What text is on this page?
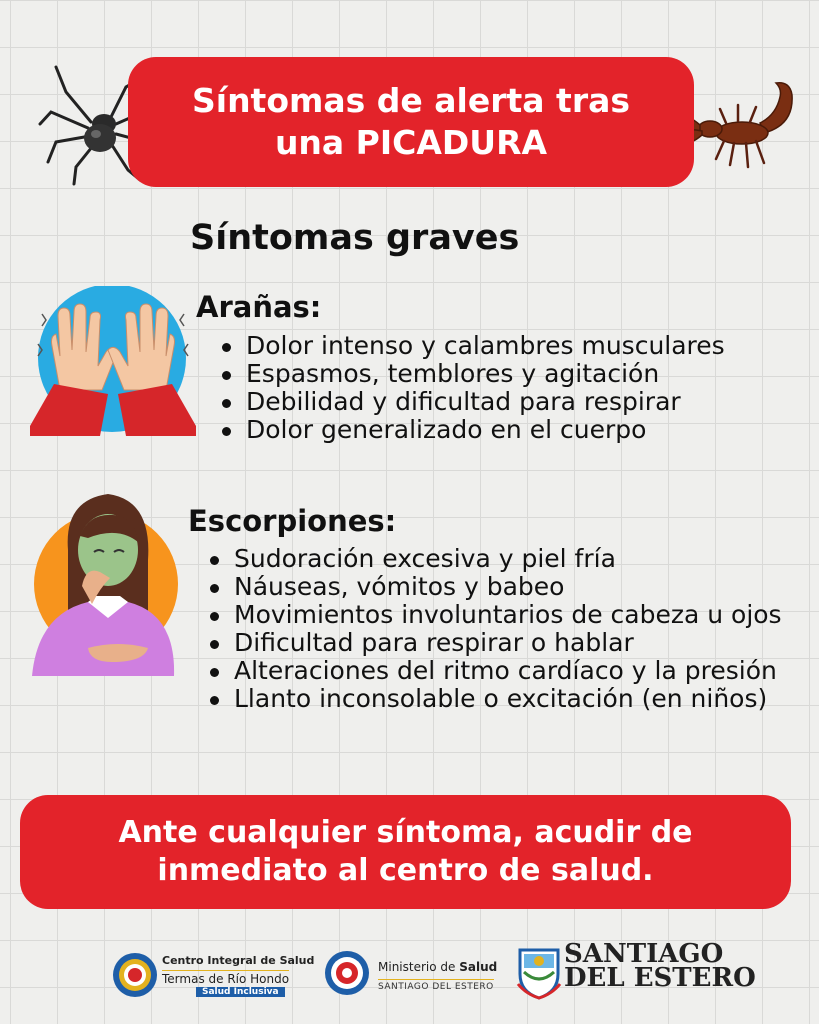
Síntomas de alerta tras
una PICADURA
Síntomas graves
Arañas:
Dolor intenso y calambres musculares
Espasmos, temblores y agitación
Debilidad y dificultad para respirar
Dolor generalizado en el cuerpo
Escorpiones:
Sudoración excesiva y piel fría
Náuseas, vómitos y babeo
Movimientos involuntarios de cabeza u ojos
Dificultad para respirar o hablar
Alteraciones del ritmo cardíaco y la presión
Llanto inconsolable o excitación (en niños)
Ante cualquier síntoma, acudir de
inmediato al centro de salud.
Centro Integral de Salud
Termas de Río Hondo
Salud Inclusiva
Ministerio de Salud
SANTIAGO DEL ESTERO
SANTIAGO
DEL ESTERO
